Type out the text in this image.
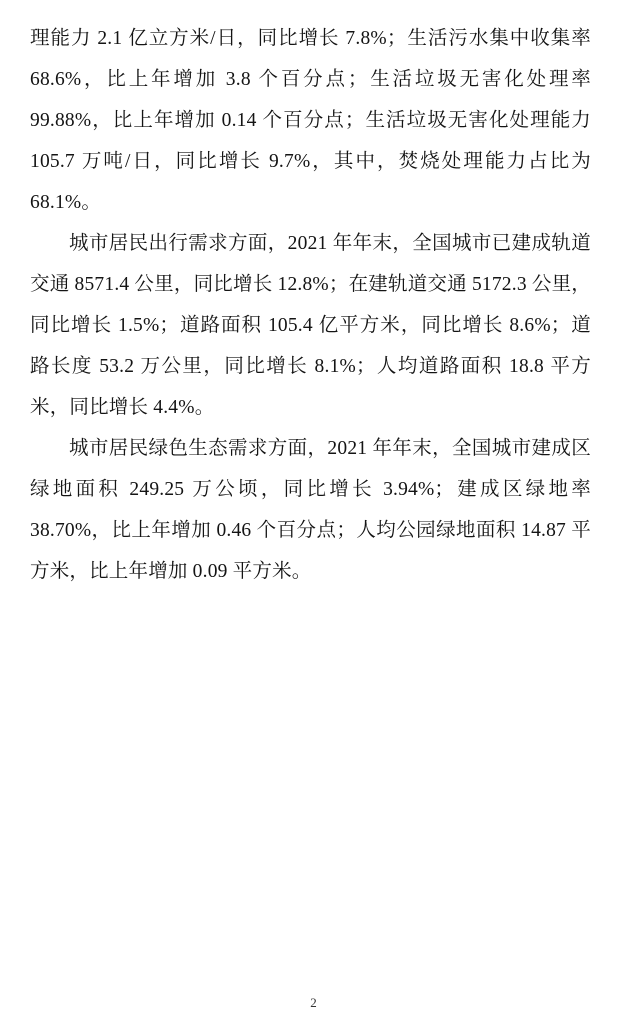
理能力 2.1 亿立方米/日，同比增长 7.8%；生活污水集中收集率 68.6%，比上年增加 3.8 个百分点；生活垃圾无害化处理率 99.88%，比上年增加 0.14 个百分点；生活垃圾无害化处理能力 105.7 万吨/日，同比增长 9.7%，其中，焚烧处理能力占比为 68.1%。

城市居民出行需求方面，2021 年年末，全国城市已建成轨道交通 8571.4 公里，同比增长 12.8%；在建轨道交通 5172.3 公里，同比增长 1.5%；道路面积 105.4 亿平方米，同比增长 8.6%；道路长度 53.2 万公里，同比增长 8.1%；人均道路面积 18.8 平方米，同比增长 4.4%。

城市居民绿色生态需求方面，2021 年年末，全国城市建成区绿地面积 249.25 万公顷，同比增长 3.94%；建成区绿地率 38.70%，比上年增加 0.46 个百分点；人均公园绿地面积 14.87 平方米，比上年增加 0.09 平方米。

2
